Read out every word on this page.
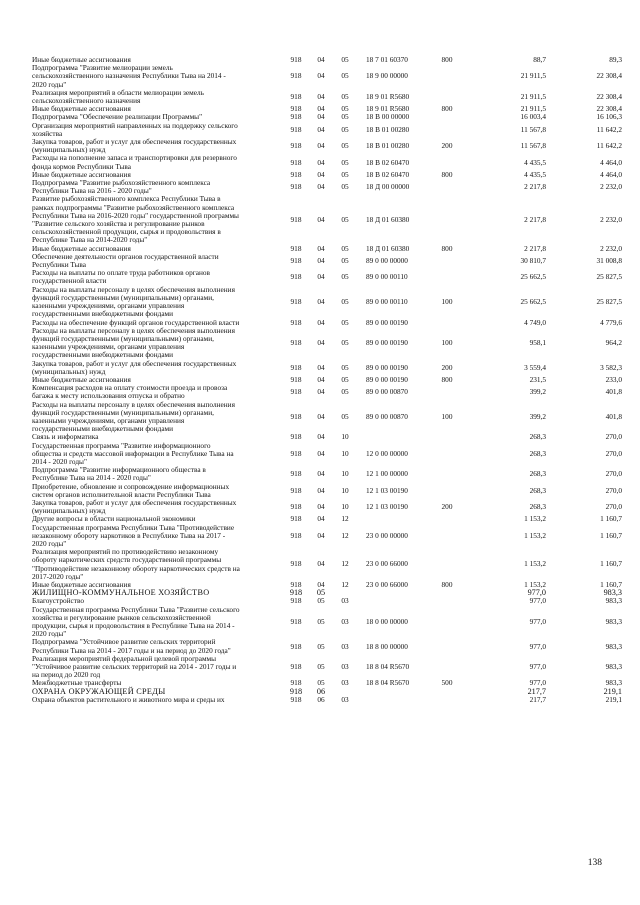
Иные бюджетные ассигнования	918	04	05	18 7 01 60370	800	88,7	89,3
Подпрограмма "Развитие мелиорации земель
сельскохозяйственного назначения Республики Тыва на 2014 -
2020 годы"
918	04	05	18 9 00 00000	21 911,5	22 308,4
Реализация мероприятий в области мелиорации земель
сельскохозяйственного назначения	918	04	05	18 9 01 R5680	21 911,5	22 308,4
Иные бюджетные ассигнования	918	04	05	18 9 01 R5680	800	21 911,5	22 308,4
Подпрограмма "Обеспечение реализации Программы"	918	04	05	18 В 00 00000	16 003,4	16 106,3
Организация мероприятий направленных на поддержку сельского
хозяйства	918	04	05	18 В 01 00280	11 567,8	11 642,2
Закупка товаров, работ и услуг для обеспечения государственных
(муниципальных) нужд	918	04	05	18 В 01 00280	200	11 567,8	11 642,2
Расходы на пополнение запаса и транспортировки для резервного
фонда кормов Республики Тыва	918	04	05	18 В 02 60470	4 435,5	4 464,0
Иные бюджетные ассигнования	918	04	05	18 В 02 60470	800	4 435,5	4 464,0
Подпрограмма "Развитие рыбохозяйственного комплекса
Республики Тыва на 2016 - 2020 годы"	918	04	05	18 Д 00 00000	2 217,8	2 232,0
Развитие рыбохозяйственного комплекса Республики Тыва в
рамках подпрограммы "Развитие рыбохозяйственного комплекса
Республики Тыва на 2016-2020 годы" государственной программы
"Развитие сельского хозяйства и регулирование рынков
сельскохозяйственной продукции, сырья и продовольствия в
Республике Тыва на 2014-2020 годы"
918	04	05	18 Д 01 60380	2 217,8	2 232,0
Иные бюджетные ассигнования	918	04	05	18 Д 01 60380	800	2 217,8	2 232,0
Обеспечение деятельности органов государственной власти
Республики Тыва	918	04	05	89 0 00 00000	30 810,7	31 008,8
Расходы на выплаты по оплате труда работников органов
государственной власти	918	04	05	89 0 00 00110	25 662,5	25 827,5
Расходы на выплаты персоналу в целях обеспечения выполнения
функций государственными (муниципальными) органами,
казенными учреждениями, органами управления
государственными внебюджетными фондами
918	04	05	89 0 00 00110	100	25 662,5	25 827,5
Расходы на обеспечение функций органов государственной власти	918	04	05	89 0 00 00190	4 749,0	4 779,6
Расходы на выплаты персоналу в целях обеспечения выполнения
функций государственными (муниципальными) органами,
казенными учреждениями, органами управления
государственными внебюджетными фондами
918	04	05	89 0 00 00190	100	958,1	964,2
Закупка товаров, работ и услуг для обеспечения государственных
(муниципальных) нужд	918	04	05	89 0 00 00190	200	3 559,4	3 582,3
Иные бюджетные ассигнования	918	04	05	89 0 00 00190	800	231,5	233,0
Компенсация расходов на оплату стоимости проезда и провоза
багажа к месту использования отпуска и обратно	918	04	05	89 0 00 00870	399,2	401,8
Расходы на выплаты персоналу в целях обеспечения выполнения
функций государственными (муниципальными) органами,
казенными учреждениями, органами управления
государственными внебюджетными фондами
918	04	05	89 0 00 00870	100	399,2	401,8
Связь и информатика	918	04	10	268,3	270,0
Государственная программа "Развитие информационного
общества и средств массовой информации в Республике Тыва на
2014 - 2020 годы"
918	04	10	12 0 00 00000	268,3	270,0
Подпрограмма "Развитие информационного общества в
Республике Тыва на 2014 - 2020 годы"	918	04	10	12 1 00 00000	268,3	270,0
Приобретение, обновление и сопровождение информационных
систем органов исполнительной власти Республики Тыва	918	04	10	12 1 03 00190	268,3	270,0
Закупка товаров, работ и услуг для обеспечения государственных
(муниципальных) нужд	918	04	10	12 1 03 00190	200	268,3	270,0
Другие вопросы в области национальной экономики	918	04	12	1 153,2	1 160,7
Государственная программа Республики Тыва "Противодействие
незаконному обороту наркотиков в Республике Тыва на 2017 -
2020 годы"
918	04	12	23 0 00 00000	1 153,2	1 160,7
Реализация мероприятий по противодействию незаконному
обороту наркотических средств государственной программы
"Противодействие незаконному обороту наркотических средств на
2017-2020 годы"
918	04	12	23 0 00 66000	1 153,2	1 160,7
Иные бюджетные ассигнования	918	04	12	23 0 00 66000	800	1 153,2	1 160,7
ЖИЛИЩНО-КОММУНАЛЬНОЕ ХОЗЯЙСТВО	918	05	977,0	983,3
Благоустройство	918	05	03	977,0	983,3
Государственная программа Республики Тыва "Развитие сельского
хозяйства и регулирование рынков сельскохозяйственной
продукции, сырья и продовольствия в Республике Тыва на 2014 -
2020 годы"
918	05	03	18 0 00 00000	977,0	983,3
Подпрограмма "Устойчивое развитие сельских территорий
Республики Тыва на 2014 - 2017 годы и на период до 2020 года"	918	05	03	18 8 00 00000	977,0	983,3
Реализация мероприятий федеральной целевой программы
"Устойчивое развитие сельских территорий на 2014 - 2017 годы и
на период до 2020 год
918	05	03	18 8 04 R5670	977,0	983,3
Межбюджетные трансферты	918	05	03	18 8 04 R5670	500	977,0	983,3
ОХРАНА ОКРУЖАЮЩЕЙ СРЕДЫ	918	06	217,7	219,1
Охрана объектов растительного и животного мира и среды их	918	06	03	217,7	219,1
138
